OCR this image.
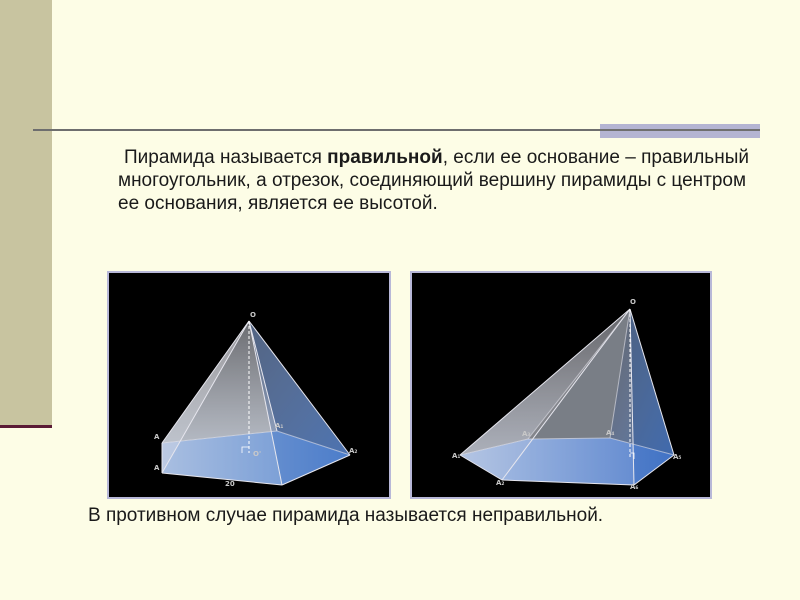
Пирамида называется правильной, если ее основание – правильный многоугольник, а отрезок, соединяющий вершину пирамиды с центром ее основания, является ее высотой.

O
A₁
A₂
A
A
O'
20
O
A₁
A₂
A₃	A₄
A₅
A₆

В противном случае пирамида называется неправильной.
